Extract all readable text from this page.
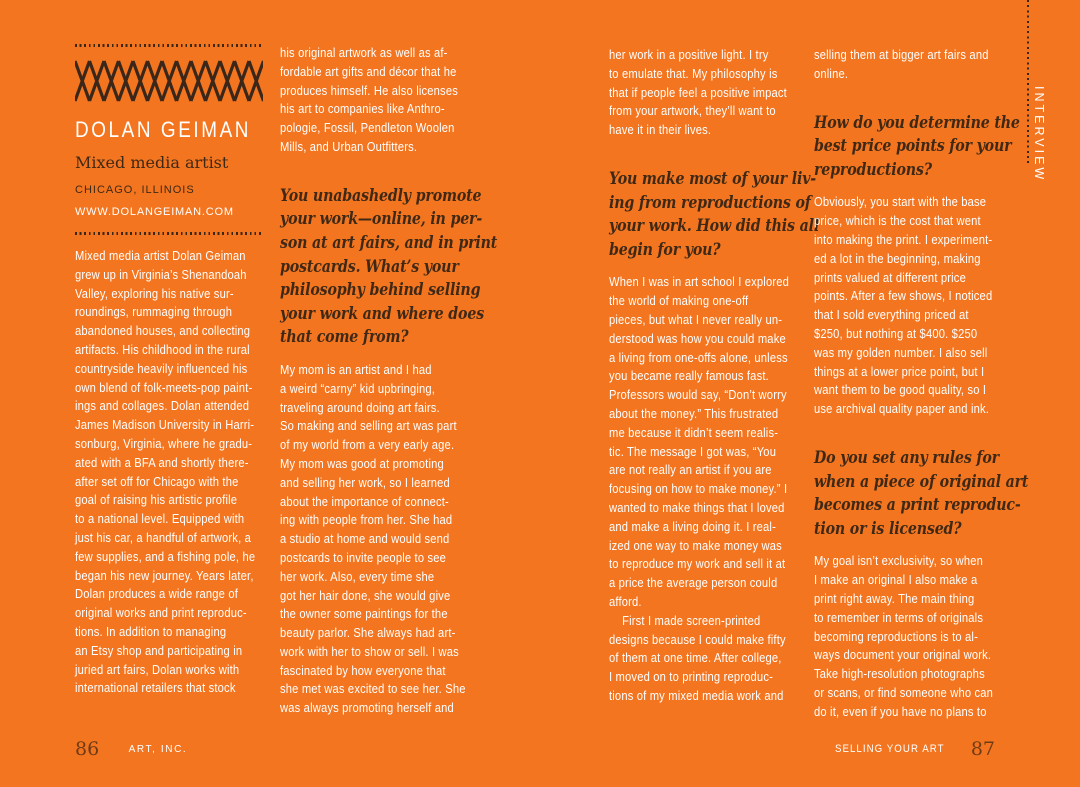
DOLAN GEIMAN
Mixed media artist
CHICAGO, ILLINOIS
WWW.DOLANGEIMAN.COM
Mixed media artist Dolan Geiman
grew up in Virginia’s Shenandoah
Valley, exploring his native sur-
roundings, rummaging through
abandoned houses, and collecting
artifacts. His childhood in the rural
countryside heavily influenced his
own blend of folk-meets-pop paint-
ings and collages. Dolan attended
James Madison University in Harri-
sonburg, Virginia, where he gradu-
ated with a BFA and shortly there-
after set off for Chicago with the
goal of raising his artistic profile
to a national level. Equipped with
just his car, a handful of artwork, a
few supplies, and a fishing pole, he
began his new journey. Years later,
Dolan produces a wide range of
original works and print reproduc-
tions. In addition to managing
an Etsy shop and participating in
juried art fairs, Dolan works with
international retailers that stock
his original artwork as well as af-
fordable art gifts and décor that he
produces himself. He also licenses
his art to companies like Anthro-
pologie, Fossil, Pendleton Woolen
Mills, and Urban Outfitters.
You unabashedly promote
your work—online, in per-
son at art fairs, and in print
postcards. What’s your
philosophy behind selling
your work and where does
that come from?
My mom is an artist and I had
a weird “carny” kid upbringing,
traveling around doing art fairs.
So making and selling art was part
of my world from a very early age.
My mom was good at promoting
and selling her work, so I learned
about the importance of connect-
ing with people from her. She had
a studio at home and would send
postcards to invite people to see
her work. Also, every time she
got her hair done, she would give
the owner some paintings for the
beauty parlor. She always had art-
work with her to show or sell. I was
fascinated by how everyone that
she met was excited to see her. She
was always promoting herself and
her work in a positive light. I try
to emulate that. My philosophy is
that if people feel a positive impact
from your artwork, they’ll want to
have it in their lives.
You make most of your liv-
ing from reproductions of
your work. How did this all
begin for you?
When I was in art school I explored
the world of making one-off
pieces, but what I never really un-
derstood was how you could make
a living from one-offs alone, unless
you became really famous fast.
Professors would say, “Don’t worry
about the money.” This frustrated
me because it didn’t seem realis-
tic. The message I got was, “You
are not really an artist if you are
focusing on how to make money.” I
wanted to make things that I loved
and make a living doing it. I real-
ized one way to make money was
to reproduce my work and sell it at
a price the average person could
afford.
First I made screen-printed
designs because I could make fifty
of them at one time. After college,
I moved on to printing reproduc-
tions of my mixed media work and
selling them at bigger art fairs and
online.
How do you determine the
best price points for your
reproductions?
Obviously, you start with the base
price, which is the cost that went
into making the print. I experiment-
ed a lot in the beginning, making
prints valued at different price
points. After a few shows, I noticed
that I sold everything priced at
$250, but nothing at $400. $250
was my golden number. I also sell
things at a lower price point, but I
want them to be good quality, so I
use archival quality paper and ink.
Do you set any rules for
when a piece of original art
becomes a print reproduc-
tion or is licensed?
My goal isn’t exclusivity, so when
I make an original I also make a
print right away. The main thing
to remember in terms of originals
becoming reproductions is to al-
ways document your original work.
Take high-resolution photographs
or scans, or find someone who can
do it, even if you have no plans to
INTERVIEW
86	ART, INC.	SELLING YOUR ART 87
